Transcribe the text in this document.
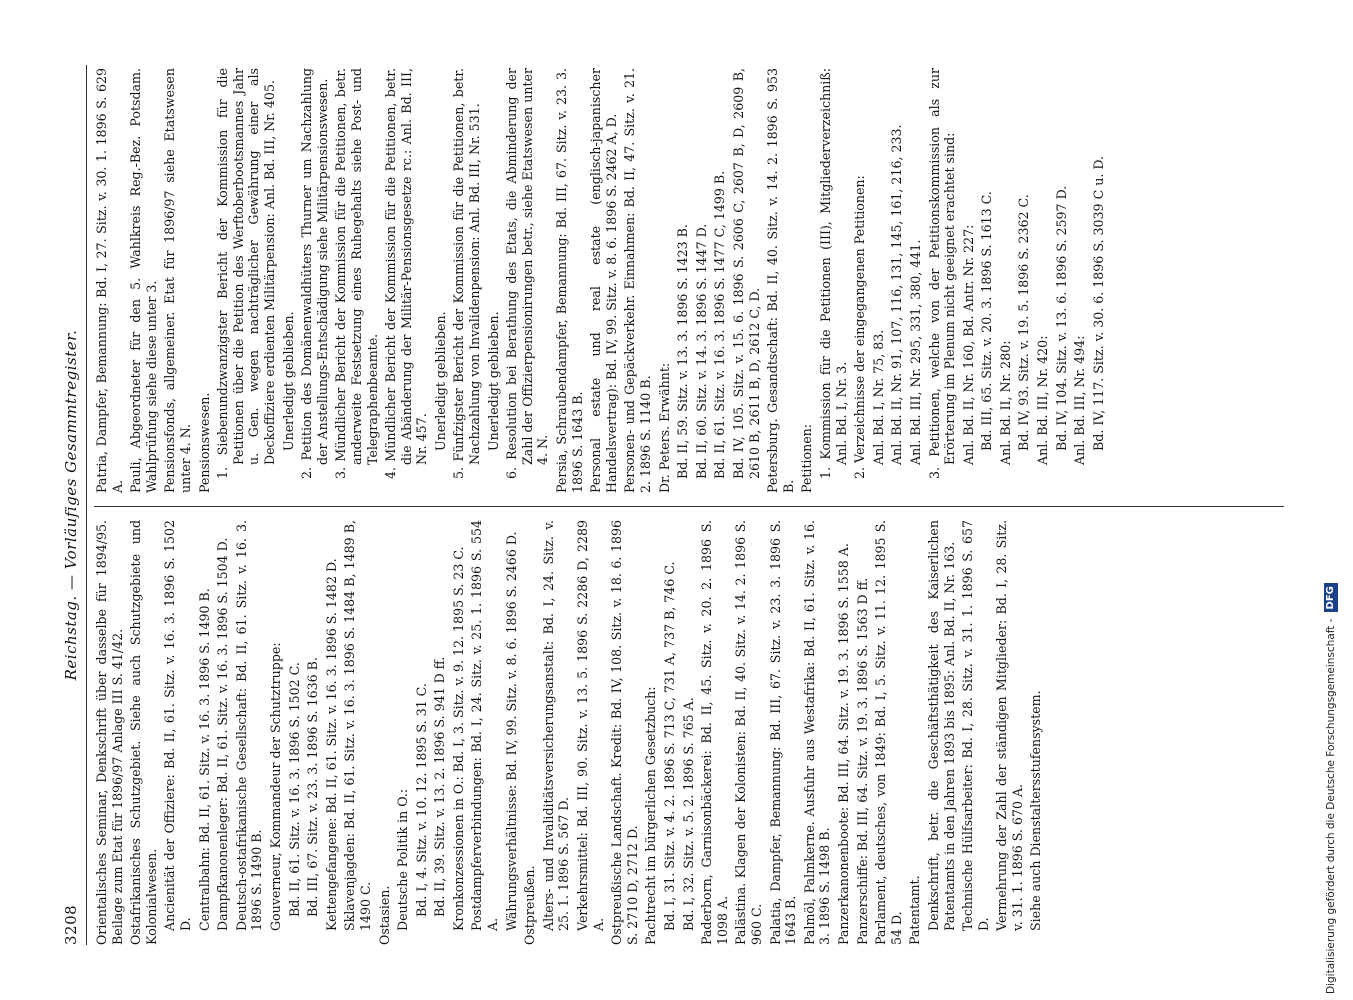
3208
Reichstag. — Vorläufiges Gesammtregister.

Orientalisches Seminar, Denkschrift über dasselbe für 1894/95. Beilage zum Etat für 1896/97 Anlage III S. 41/42. Ostafrikanisches Schutzgebiet. Siehe auch Schutzgebiete und Kolonialwesen. Ancienität der Offiziere: Bd. II, 61. Sitz. v. 16. 3. 1896 S. 1502 D. Centralbahn: Bd. II, 61. Sitz. v. 16. 3. 1896 S. 1490 B. Dampfkanonenleger: Bd. II, 61. Sitz. v. 16. 3. 1896 S. 1504 D. Deutsch-ostafrikanische Gesellschaft: Bd. II, 61. Sitz. v. 16. 3. 1896 S. 1490 B. Gouverneur, Kommandeur der Schutztruppe: Bd. II, 61. Sitz. v. 16. 3. 1896 S. 1502 C. Bd. III, 67. Sitz. v. 23. 3. 1896 S. 1636 B. Kettengefangene: Bd. II, 61. Sitz. v. 16. 3. 1896 S. 1482 D. Sklavenjagden: Bd. II, 61. Sitz. v. 16. 3. 1896 S. 1484 B, 1489 B, 1490 C. Ostasien. Deutsche Politik in O.: Bd. I, 4. Sitz. v. 10. 12. 1895 S. 31 C. Bd. II, 39. Sitz. v. 13. 2. 1896 S. 941 D ff. Kronkonzessionen in O.: Bd. I, 3. Sitz. v. 9. 12. 1895 S. 23 C. Postdampferverbindungen: Bd. I, 24. Sitz. v. 25. 1. 1896 S. 554 A. Währungsverhältnisse: Bd. IV, 99. Sitz. v. 8. 6. 1896 S. 2466 D. Ostpreußen. Alters- und Invaliditätsversicherungsanstalt: Bd. I, 24. Sitz. v. 25. 1. 1896 S. 567 D. Verkehrsmittel: Bd. III, 90. Sitz. v. 13. 5. 1896 S. 2286 D, 2289 A. Ostpreußische Landschaft. Kredit: Bd. IV, 108. Sitz. v. 18. 6. 1896 S. 2710 D, 2712 D. Pachtrecht im bürgerlichen Gesetzbuch: Bd. I, 31. Sitz. v. 4. 2. 1896 S. 713 C, 731 A, 737 B, 746 C. Bd. I, 32. Sitz. v. 5. 2. 1896 S. 765 A. Paderborn, Garnisonbäckerei: Bd. II, 45. Sitz. v. 20. 2. 1896 S. 1098 A. Palästina. Klagen der Kolonisten: Bd. II, 40. Sitz. v. 14. 2. 1896 S. 960 C. Palatia, Dampfer, Bemannung: Bd. III, 67. Sitz. v. 23. 3. 1896 S. 1643 B. Palmöl, Palmkerne. Ausfuhr aus Westafrika: Bd. II, 61. Sitz. v. 16. 3. 1896 S. 1498 B. Panzerkanonenboote: Bd. III, 64. Sitz. v. 19. 3. 1896 S. 1558 A. Panzerschiffe: Bd. III, 64. Sitz. v. 19. 3. 1896 S. 1563 D ff. Parlament, deutsches, von 1849: Bd. I, 5. Sitz. v. 11. 12. 1895 S. 54 D. Patentamt. Denkschrift, betr. die Geschäftsthätigkeit des Kaiserlichen Patentamts in den Jahren 1893 bis 1895: Anl. Bd. II, Nr. 163. Technische Hülfsarbeiter: Bd. I, 28. Sitz. v. 31. 1. 1896 S. 657 D. Vermehrung der Zahl der ständigen Mitglieder: Bd. I, 28. Sitz. v. 31. 1. 1896 S. 670 A. Siehe auch Dienstaltersstufensystem.

Patria, Dampfer, Bemannung: Bd. I, 27. Sitz. v. 30. 1. 1896 S. 629 A. Pauli, Abgeordneter für den 5. Wahlkreis Reg.-Bez. Potsdam. Wahlprüfung siehe diese unter 3. Pensionsfonds, allgemeiner. Etat für 1896/97 siehe Etatswesen unter 4. N. Pensionswesen. 1. Siebenundzwanzigster Bericht der Kommission für die Petitionen über die Petition des Werftoberbootsmannes Jahr u. Gen. wegen nachträglicher Gewährung einer als Deckoffiziere erdienten Militärpension: Anl. Bd. III, Nr. 405. Unerledigt geblieben. 2. Petition des Domänenwaldhüters Thurner um Nachzahlung der Anstellungs-Entschädigung siehe Militärpensionswesen. 3. Mündlicher Bericht der Kommission für die Petitionen, betr. anderweite Festsetzung eines Ruhegehalts siehe Post- und Telegraphenbeamte. 4. Mündlicher Bericht der Kommission für die Petitionen, betr. die Abänderung der Militär-Pensionsgesetze rc.: Anl. Bd. III, Nr. 457. Unerledigt geblieben. 5. Fünfzigster Bericht der Kommission für die Petitionen, betr. Nachzahlung von Invalidenpension: Anl. Bd. III, Nr. 531. Unerledigt geblieben. 6. Resolution bei Berathung des Etats, die Abminderung der Zahl der Offizierpensionirungen betr., siehe Etatswesen unter 4. N. Persia, Schraubendampfer, Bemannung: Bd. III, 67. Sitz. v. 23. 3. 1896 S. 1643 B. Personal estate und real estate (englisch-japanischer Handelsvertrag): Bd. IV, 99. Sitz. v. 8. 6. 1896 S. 2462 A, D. Personen- und Gepäckverkehr. Einnahmen: Bd. II, 47. Sitz. v. 21. 2. 1896 S. 1140 B. Dr. Peters. Erwähnt: Bd. II, 59. Sitz. v. 13. 3. 1896 S. 1423 B. Bd. II, 60. Sitz. v. 14. 3. 1896 S. 1447 D. Bd. II, 61. Sitz. v. 16. 3. 1896 S. 1477 C, 1499 B. Bd. IV, 105. Sitz. v. 15. 6. 1896 S. 2606 C, 2607 B, D, 2609 B, 2610 B, 2611 B, D, 2612 C, D. Petersburg. Gesandtschaft: Bd. II, 40. Sitz. v. 14. 2. 1896 S. 953 B. Petitionen: 1. Kommission für die Petitionen (III), Mitgliederverzeichniß: Anl. Bd. I, Nr. 3. 2. Verzeichnisse der eingegangenen Petitionen: Anl. Bd. I, Nr. 75, 83. Anl. Bd. II, Nr. 91, 107, 116, 131, 145, 161, 216, 233. Anl. Bd. III, Nr. 295, 331, 380, 441. 3. Petitionen, welche von der Petitionskommission als zur Erörterung im Plenum nicht geeignet erachtet sind: Anl. Bd. II, Nr. 160, Bd. Antr. Nr. 227: Bd. III, 65. Sitz. v. 20. 3. 1896 S. 1613 C. Anl. Bd. II, Nr. 280: Bd. IV, 93. Sitz. v. 19. 5. 1896 S. 2362 C. Anl. Bd. III, Nr. 420: Bd. IV, 104. Sitz. v. 13. 6. 1896 S. 2597 D. Anl. Bd. III, Nr. 494: Bd. IV, 117. Sitz. v. 30. 6. 1896 S. 3039 C u. D.

Digitalisierung gefördert durch die Deutsche Forschungsgemeinschaft -
DFG
